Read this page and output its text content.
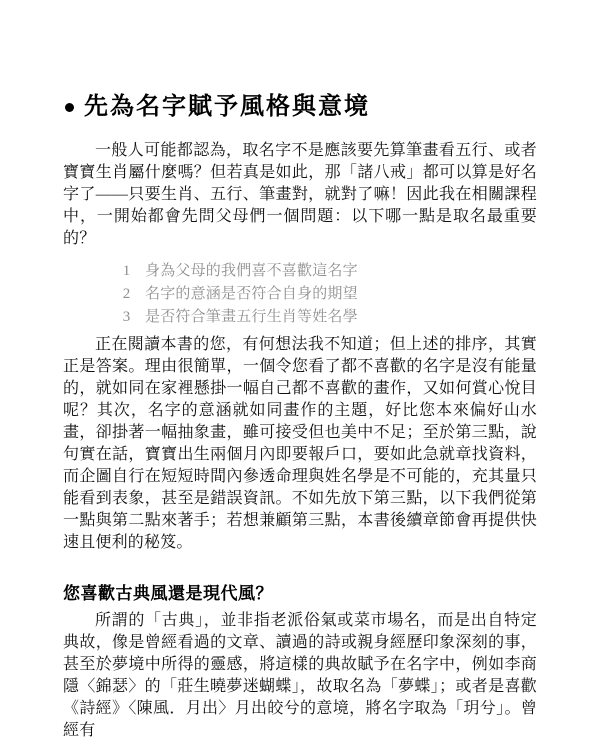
先為名字賦予風格與意境

一般人可能都認為，取名字不是應該要先算筆畫看五行、或者寶寶生肖屬什麼嗎？但若真是如此，那「諸八戒」都可以算是好名字了——只要生肖、五行、筆畫對，就對了嘛！因此我在相關課程中，一開始都會先問父母們一個問題：以下哪一點是取名最重要的？

1 身為父母的我們喜不喜歡這名字
2 名字的意涵是否符合自身的期望
3 是否符合筆畫五行生肖等姓名學

正在閱讀本書的您，有何想法我不知道；但上述的排序，其實正是答案。理由很簡單，一個令您看了都不喜歡的名字是沒有能量的，就如同在家裡懸掛一幅自己都不喜歡的畫作，又如何賞心悅目呢？其次，名字的意涵就如同畫作的主題，好比您本來偏好山水畫，卻掛著一幅抽象畫，雖可接受但也美中不足；至於第三點，說句實在話，寶寶出生兩個月內即要報戶口，要如此急就章找資料，而企圖自行在短短時間內參透命理與姓名學是不可能的，充其量只能看到表象，甚至是錯誤資訊。不如先放下第三點，以下我們從第一點與第二點來著手；若想兼顧第三點，本書後續章節會再提供快速且便利的秘笈。

您喜歡古典風還是現代風？

所謂的「古典」，並非指老派俗氣或菜市場名，而是出自特定典故，像是曾經看過的文章、讀過的詩或親身經歷印象深刻的事，甚至於夢境中所得的靈感，將這樣的典故賦予在名字中，例如李商隱〈錦瑟〉的「莊生曉夢迷蝴蝶」，故取名為「夢蝶」；或者是喜歡《詩經》〈陳風．月出〉月出皎兮的意境，將名字取為「玥兮」。曾經有
